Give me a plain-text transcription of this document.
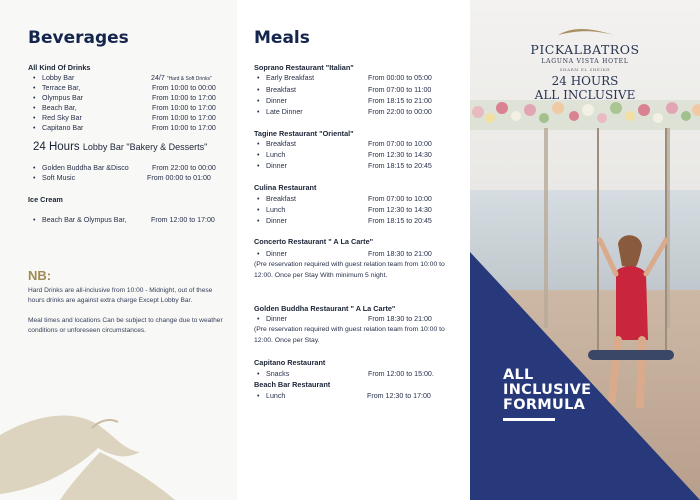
Beverages
All Kind Of Drinks
• Lobby Bar	24/7 "Hard & Soft Drinks"
• Terrace Bar,	From 10:00 to 00:00
• Olympus Bar	From 10:00 to 17:00
• Beach Bar,	From 10:00 to 17:00
• Red Sky Bar	From 10:00 to 17:00
• Capitano Bar	From 10:00 to 17:00
24 Hours Lobby Bar "Bakery & Desserts"
• Golden Buddha Bar &Disco	From 22:00 to 00:00
• Soft Music	From 00:00 to 01:00
Ice Cream
• Beach Bar & Olympus Bar,	From 12:00 to 17:00
NB:
Hard Drinks are all-inclusive from 10:00 - Midnight, out of these hours drinks are against extra charge Except Lobby Bar.
Meal times and locations Can be subject to change due to weather conditions or unforeseen circumstances.
Meals
Soprano Restaurant "Italian"
• Early Breakfast	From 00:00 to 05:00
• Breakfast	From 07:00 to 11:00
• Dinner	From 18:15 to 21:00
• Late Dinner	From 22:00 to 00:00
Tagine Restaurant "Oriental"
• Breakfast	From 07:00 to 10:00
• Lunch	From 12:30 to 14:30
• Dinner	From 18:15 to 20:45
Culina Restaurant
• Breakfast	From 07:00 to 10:00
• Lunch	From 12:30 to 14:30
• Dinner	From 18:15 to 20:45
Concerto Restaurant " A La Carte"
• Dinner	From 18:30 to 21:00
(Pre reservation required with guest relation team from 10:00 to 12:00. Once per Stay With minimum 5 night.
Golden Buddha Restaurant " A La Carte"
• Dinner	From 18:30 to 21:00
(Pre reservation required with guest relation team from 10:00 to 12:00. Once per Stay.
Capitano Restaurant
• Snacks	From 12:00 to 15:00.
Beach Bar Restaurant
• Lunch	From 12:30 to 17:00
PICKALBATROS
LAGUNA VISTA HOTEL
SHARM EL SHEIKH
24 HOURS
ALL INCLUSIVE
ALL
INCLUSIVE
FORMULA
